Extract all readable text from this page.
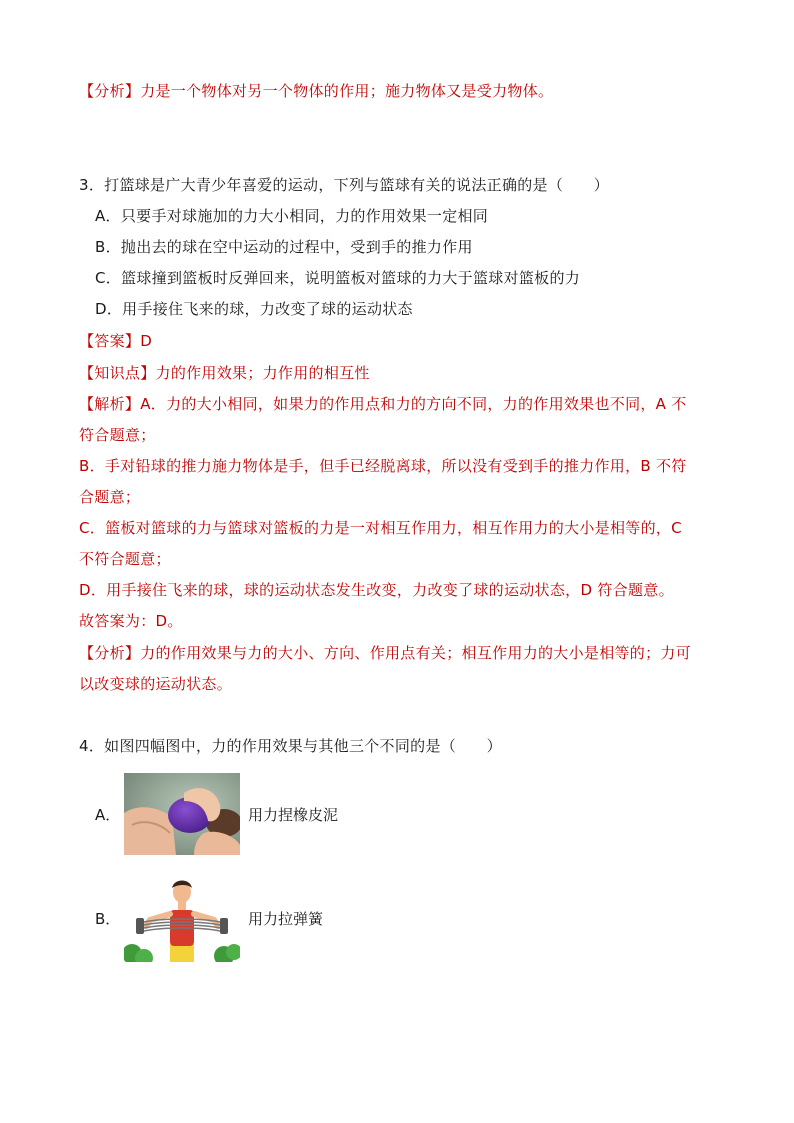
【分析】力是一个物体对另一个物体的作用；施力物体又是受力物体。
3．打篮球是广大青少年喜爱的运动，下列与篮球有关的说法正确的是（　　）
A．只要手对球施加的力大小相同，力的作用效果一定相同
B．抛出去的球在空中运动的过程中，受到手的推力作用
C．篮球撞到篮板时反弹回来，说明篮板对篮球的力大于篮球对篮板的力
D．用手接住飞来的球，力改变了球的运动状态
【答案】D
【知识点】力的作用效果；力作用的相互性
【解析】A．力的大小相同，如果力的作用点和力的方向不同，力的作用效果也不同，A 不
符合题意；
B．手对铅球的推力施力物体是手，但手已经脱离球，所以没有受到手的推力作用，B 不符
合题意；
C．篮板对篮球的力与篮球对篮板的力是一对相互作用力，相互作用力的大小是相等的，C
不符合题意；
D．用手接住飞来的球，球的运动状态发生改变，力改变了球的运动状态，D 符合题意。
故答案为：D。
【分析】力的作用效果与力的大小、方向、作用点有关；相互作用力的大小是相等的；力可
以改变球的运动状态。
4．如图四幅图中，力的作用效果与其他三个不同的是（　　）
A．	用力捏橡皮泥
B．	用力拉弹簧
